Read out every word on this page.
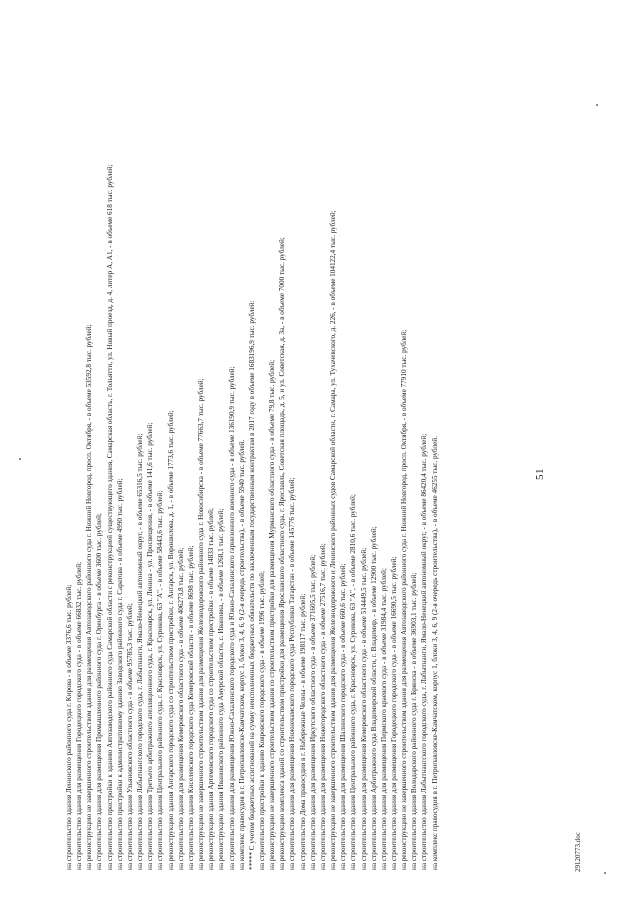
на строительство здания Ленинского районного суда г. Кирова - в объеме 3376,6 тыс. рублей; на строительство здания для размещения Городецкого городского суда - в объеме 66832 тыс. рублей; на реконструкцию не завершенного строительством здания для размещения Автозаводского районного суда г. Нижний Новгород, просп. Октября, - в объеме 53592,8 тыс. рублей; на строительство здания для размещения Промышленного районного суда г. Оренбурга - в объеме 3600 тыс. рублей; на строительство пристройки к зданию Автозаводского районного суда Самарской области с реконструкцией существующего здания, Самарская область, г. Тольятти, ул. Новый проезд, д. 4, литер А, А1, - в объеме 618 тыс. рублей; на строительство пристройки к административному зданию Заводского районного суда г. Саратова - в объеме 4990 тыс. рублей; на строительство здания Ульяновского областного суда - в объеме 95785,3 тыс. рублей; на строительство здания Лабытнангского городского суда, г. Лабытнанги, Ямало-Ненецкий автономный округ, - в объеме 65316,5 тыс. рублей; на строительство здания Третьего арбитражного апелляционного суда, г. Красноярск, ул. Ленина - ул. Просвещения, - в объеме 141,6 тыс. рублей; на строительство здания Центрального районного суда, г. Красноярск, ул. Сурикова, 63 "А", - в объеме 58443,6 тыс. рублей; на реконструкцию здания Ангарского городского суда со строительством пристройки, г. Ангарск, ул. Ворошилова, д. 1, - в объеме 1773,6 тыс. рублей; на строительство здания для размещения Кемеровского областного суда - в объеме 406273,8 тыс. рублей; на строительство здания Киселевского городского суда Кемеровской области - в объеме 8698 тыс. рублей; на реконструкцию не завершенного строительством здания для размещения Железнодорожного районного суда г. Новосибирска - в объеме 77663,7 тыс. рублей; на реконструкцию здания Артемовского городского суда со строительством пристройки - в объеме 14833 тыс. рублей; на реконструкцию здания Ивановского районного суда Амурской области, с. Ивановка, - в объеме 1268,1 тыс. рублей; на строительство здания для размещения Южно-Сахалинского городского суда и Южно-Сахалинского гарнизонного военного суда - в объеме 136190,9 тыс. рублей; на комплекс правосудия в г. Петропавловске-Камчатском, корпус 1, блоки 3, 4, 6, 9 (2-я очередь строительства), - в объеме 5940 тыс. рублей. ***** С учетом бюджетных ассигнований на сумму неисполненных бюджетных обязательств по заключенным государственным контрактам в 2017 году в объеме 1683196,9 тыс. рублей: на строительство пристройки к зданию Ковровского городского суда - в объеме 1996 тыс. рублей; на реконструкцию не завершенного строительством здания со строительством пристройки для размещения Мурманского областного суда - в объеме 79,8 тыс. рублей; на реконструкцию комплекса зданий со строительством пристройки для размещения Ярославского областного суда, г. Ярославль, Советская площадь, д. 5, и ул. Советская, д. 3а, - в объеме 7000 тыс. рублей; на строительство здания для размещения Нижнекамского городского суда Республики Татарстан - в объеме 145776 тыс. рублей; на строительство Дома правосудия в г. Набережные Челны - в объеме 198117 тыс. рублей; на строительство здания для размещения Иркутского областного суда - в объеме 371605,5 тыс. рублей; на строительство здания для размещения Нижегородского областного суда - в объеме 27516,7 тыс. рублей; на реконструкцию не завершенного строительством здания для размещения Железнодорожного и Ленинского районных судов Самарской области, г. Самара, ул. Тухачевского, д. 226, - в объеме 104122,4 тыс. рублей; на строительство здания для размещения Шалинского городского суда - в объеме 660,6 тыс. рублей; на строительство здания Центрального районного суда, г. Красноярск, ул. Сурикова, 63 "А", - в объеме 2810,6 тыс. рублей; на строительство здания для размещения Кемеровского областного суда - в объеме 514449,5 тыс. рублей; на строительство здания Арбитражного суда Владимирской области, г. Владимир, - в объеме 12900 тыс. рублей; на строительство здания для размещения Пермского краевого суда - в объеме 31984,4 тыс. рублей; на строительство здания для размещения Городецкого городского суда - в объеме 16690,5 тыс. рублей; на реконструкцию не завершенного строительством здания для размещения Автозаводского районного суда г. Нижний Новгород, просп. Октября, - в объеме 77910 тыс. рублей; на строительство здания Володарского районного суда г. Брянска - в объеме 36903,1 тыс. рублей; на строительство здания Лабытнангского городского суда, г. Лабытнанги, Ямало-Ненецкий автономный округ, - в объеме 86420,4 тыс. рублей; на комплекс правосудия в г. Петропавловске-Камчатском, корпус 1, блоки 3, 4, 6, 9 (2-я очередь строительства), - в объеме 46255 тыс. рублей.	51
29120773.doc
